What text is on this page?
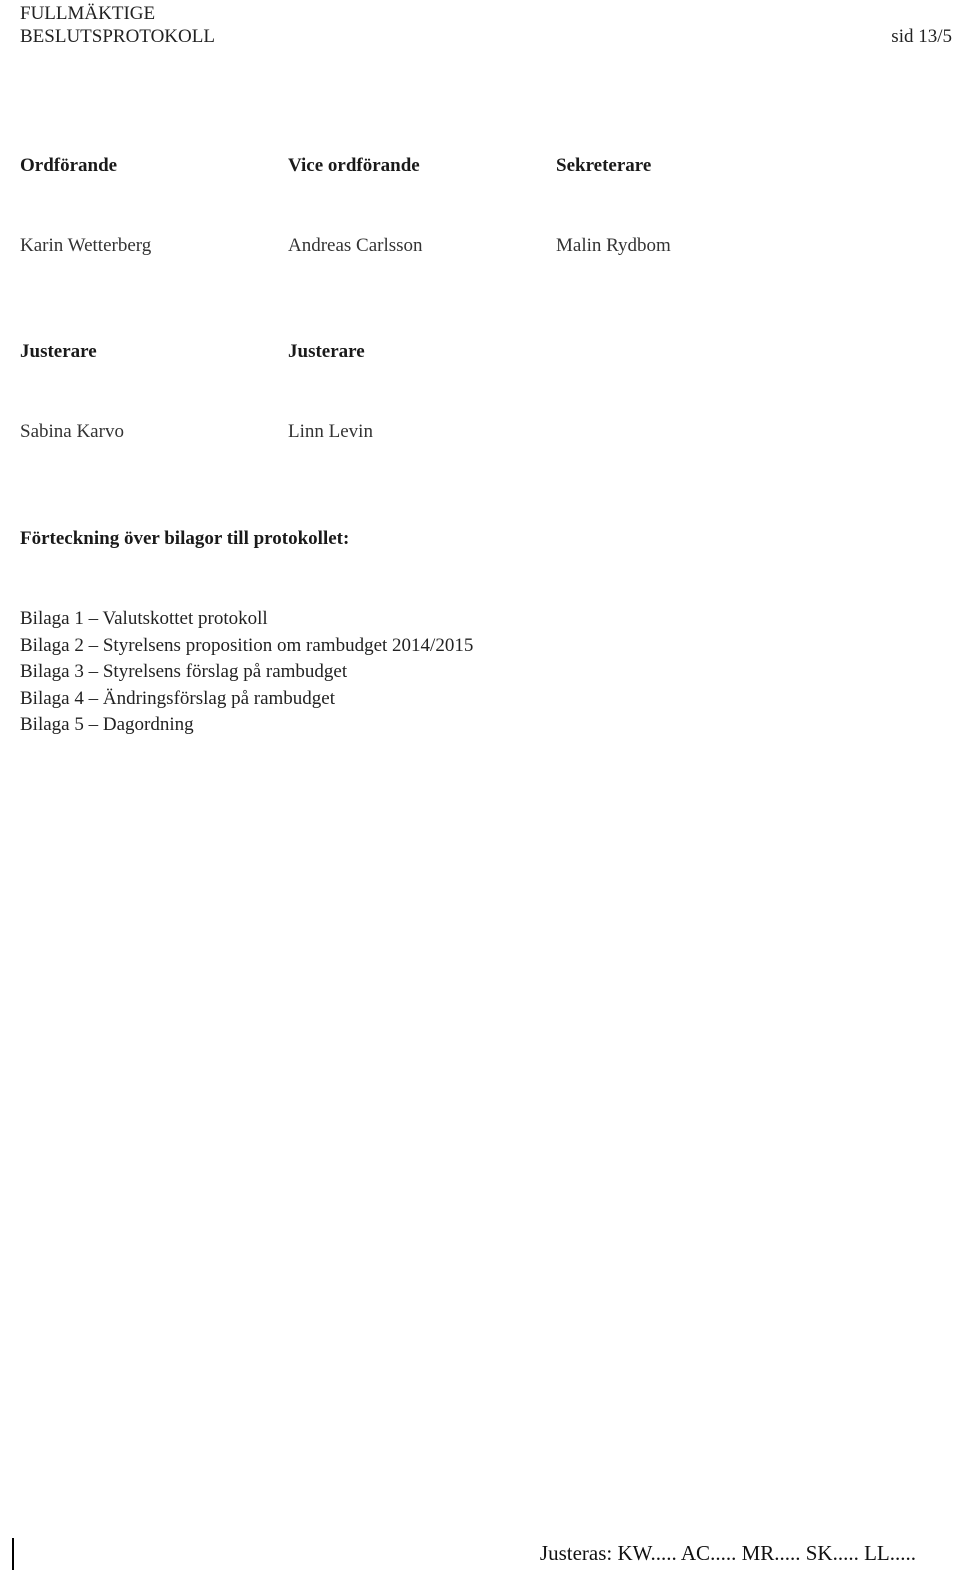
FULLMÄKTIGE
BESLUTSPROTOKOLL	sid 13/5
Ordförande	Vice ordförande	Sekreterare
Karin Wetterberg	Andreas Carlsson	Malin Rydbom
Justerare	Justerare
Sabina Karvo	Linn Levin
Förteckning över bilagor till protokollet:
Bilaga 1 – Valutskottet protokoll
Bilaga 2 – Styrelsens proposition om rambudget 2014/2015
Bilaga 3 – Styrelsens förslag på rambudget
Bilaga 4 – Ändringsförslag på rambudget
Bilaga 5 – Dagordning
Justeras: KW..... AC..... MR..... SK..... LL.....
